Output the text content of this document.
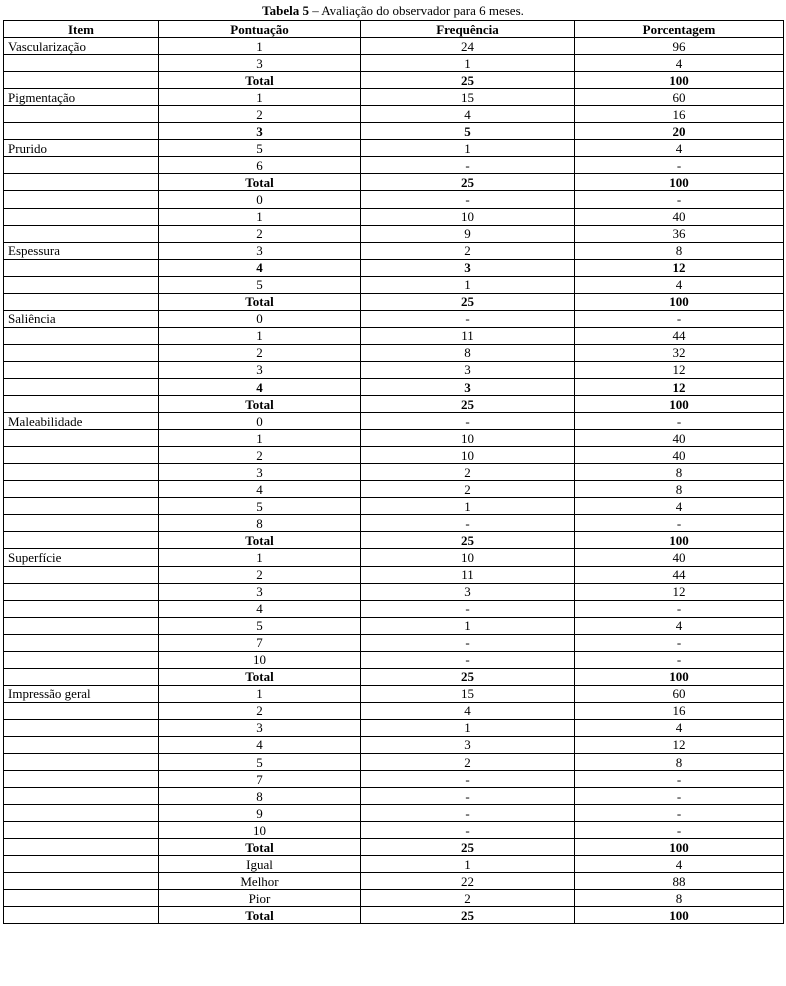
Tabela 5 – Avaliação do observador para 6 meses.
Item	Pontuação	Frequência	Porcentagem
Vascularização	1	24	96
	3	1	4
	Total	25	100
Pigmentação	1	15	60
	2	4	16
	3	5	20
Prurido	5	1	4
	6	-	-
	Total	25	100
	0	-	-
	1	10	40
	2	9	36
Espessura	3	2	8
	4	3	12
	5	1	4
	Total	25	100
Saliência	0	-	-
	1	11	44
	2	8	32
	3	3	12
	4	3	12
	Total	25	100
Maleabilidade	0	-	-
	1	10	40
	2	10	40
	3	2	8
	4	2	8
	5	1	4
	8	-	-
	Total	25	100
Superfície	1	10	40
	2	11	44
	3	3	12
	4	-	-
	5	1	4
	7	-	-
	10	-	-
	Total	25	100
Impressão geral	1	15	60
	2	4	16
	3	1	4
	4	3	12
	5	2	8
	7	-	-
	8	-	-
	9	-	-
	10	-	-
	Total	25	100
	Igual	1	4
	Melhor	22	88
	Pior	2	8
	Total	25	100
